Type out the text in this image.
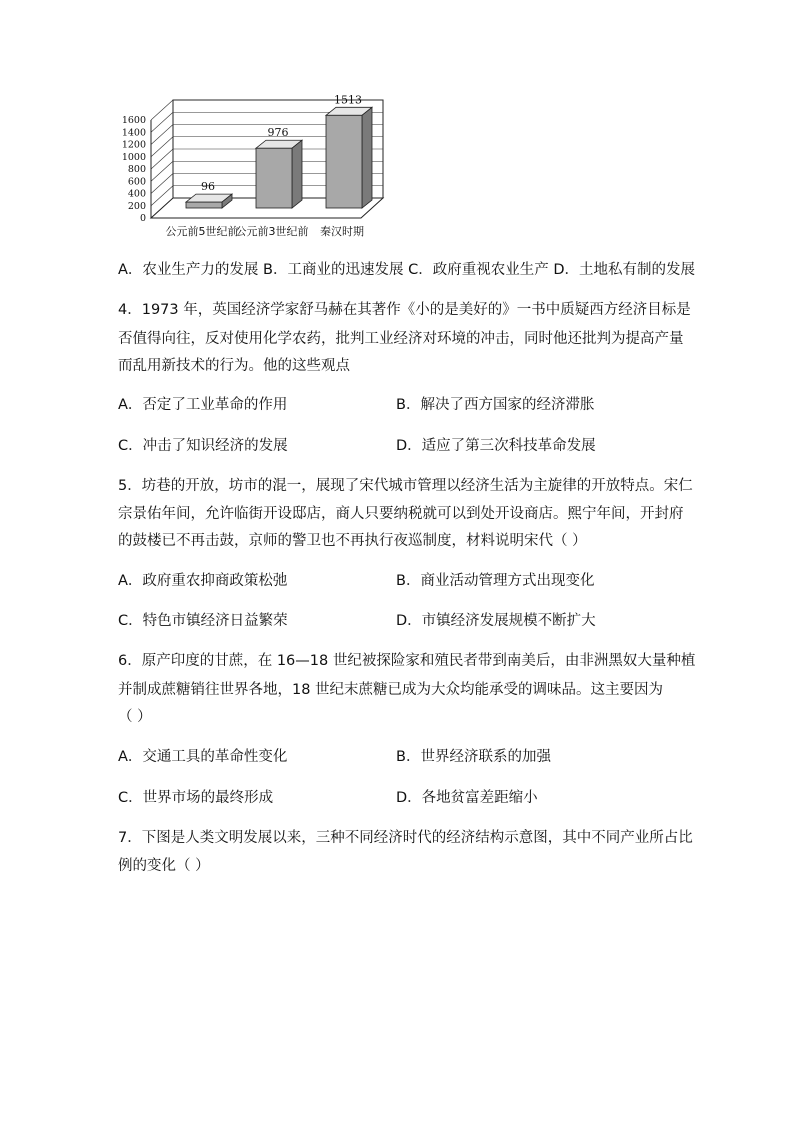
0
200
400
600
800
1000
1200
1400
1600
96
976
1513
公元前5世纪前
公元前3世纪前 秦汉时期
A．农业生产力的发展 B．工商业的迅速发展 C．政府重视农业生产 D．土地私有制的发展
4．1973 年，英国经济学家舒马赫在其著作《小的是美好的》一书中质疑西方经济目标是
否值得向往，反对使用化学农药，批判工业经济对环境的冲击，同时他还批判为提高产量
而乱用新技术的行为。他的这些观点
A．否定了工业革命的作用	B．解决了西方国家的经济滞胀
C．冲击了知识经济的发展	D．适应了第三次科技革命发展
5．坊巷的开放，坊市的混一，展现了宋代城市管理以经济生活为主旋律的开放特点。宋仁
宗景佑年间，允许临街开设邸店，商人只要纳税就可以到处开设商店。熙宁年间，开封府
的鼓楼已不再击鼓，京师的警卫也不再执行夜巡制度，材料说明宋代（ ）
A．政府重农抑商政策松弛	B．商业活动管理方式出现变化
C．特色市镇经济日益繁荣	D．市镇经济发展规模不断扩大
6．原产印度的甘蔗，在 16—18 世纪被探险家和殖民者带到南美后，由非洲黑奴大量种植
并制成蔗糖销往世界各地，18 世纪末蔗糖已成为大众均能承受的调味品。这主要因为
（ ）
A．交通工具的革命性变化	B．世界经济联系的加强
C．世界市场的最终形成	D．各地贫富差距缩小
7．下图是人类文明发展以来，三种不同经济时代的经济结构示意图，其中不同产业所占比
例的变化（ ）
